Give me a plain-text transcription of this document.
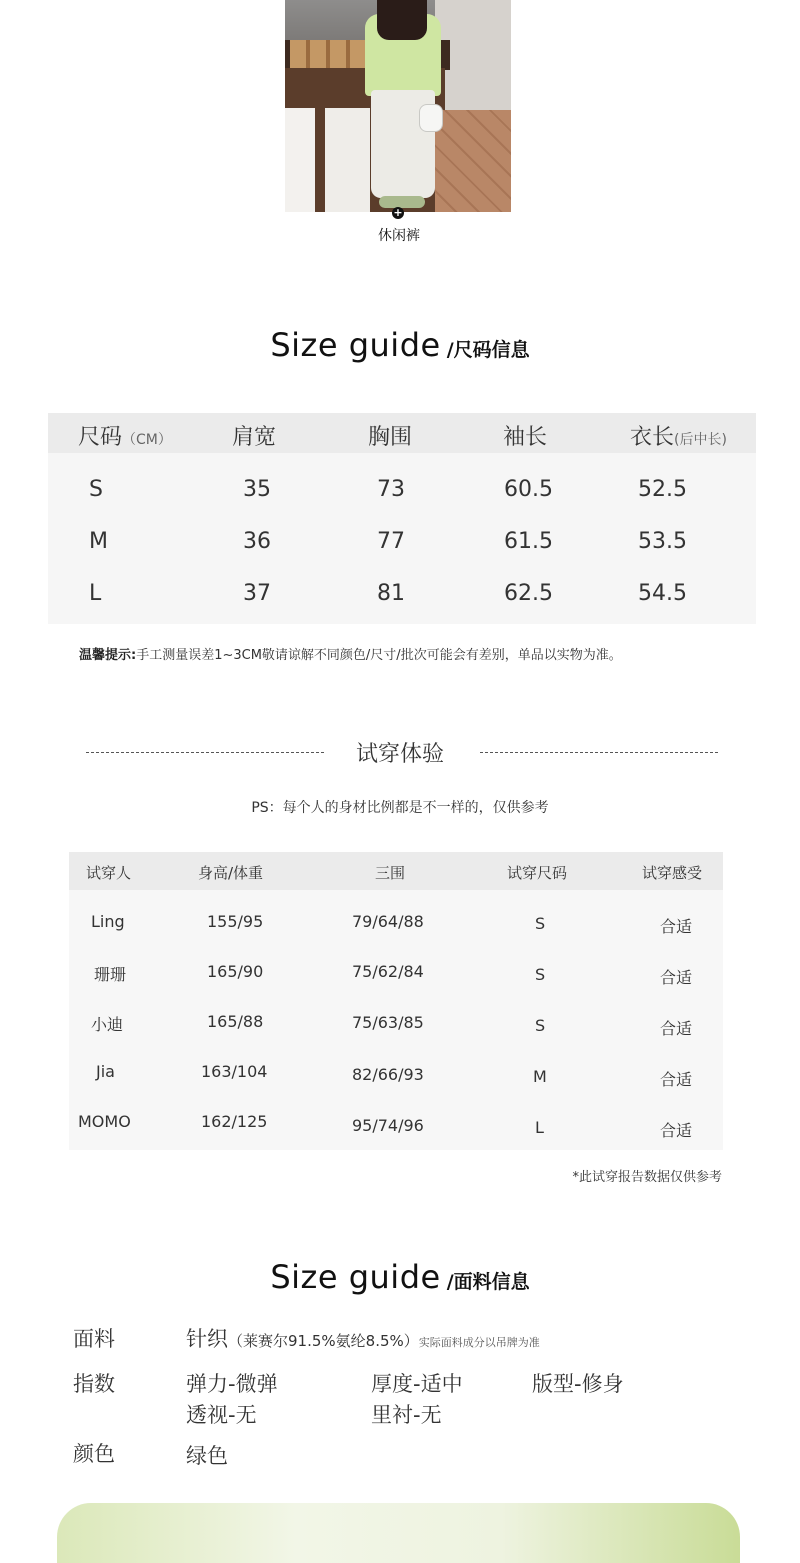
+
休闲裤
Size guide /尺码信息
尺码（CM）	肩宽	胸围	袖长	衣长(后中长)
S	35	73	60.5	52.5
M	36	77	61.5	53.5
L	37	81	62.5	54.5
温馨提示:手工测量误差1~3CM敬请谅解不同颜色/尺寸/批次可能会有差别，单品以实物为准。
试穿体验
PS：每个人的身材比例都是不一样的，仅供参考
试穿人	身高/体重	三围	试穿尺码	试穿感受
Ling	155/95	79/64/88	S	合适
珊珊	165/90	75/62/84	S	合适
小迪	165/88	75/63/85	S	合适
Jia	163/104	82/66/93	M	合适
MOMO	162/125	95/74/96	L	合适
*此试穿报告数据仅供参考
Size guide /面料信息
面料	针织（莱赛尔91.5%氨纶8.5%）实际面料成分以吊牌为准
指数	弹力-微弹	厚度-适中	版型-修身
透视-无	里衬-无
颜色	绿色
